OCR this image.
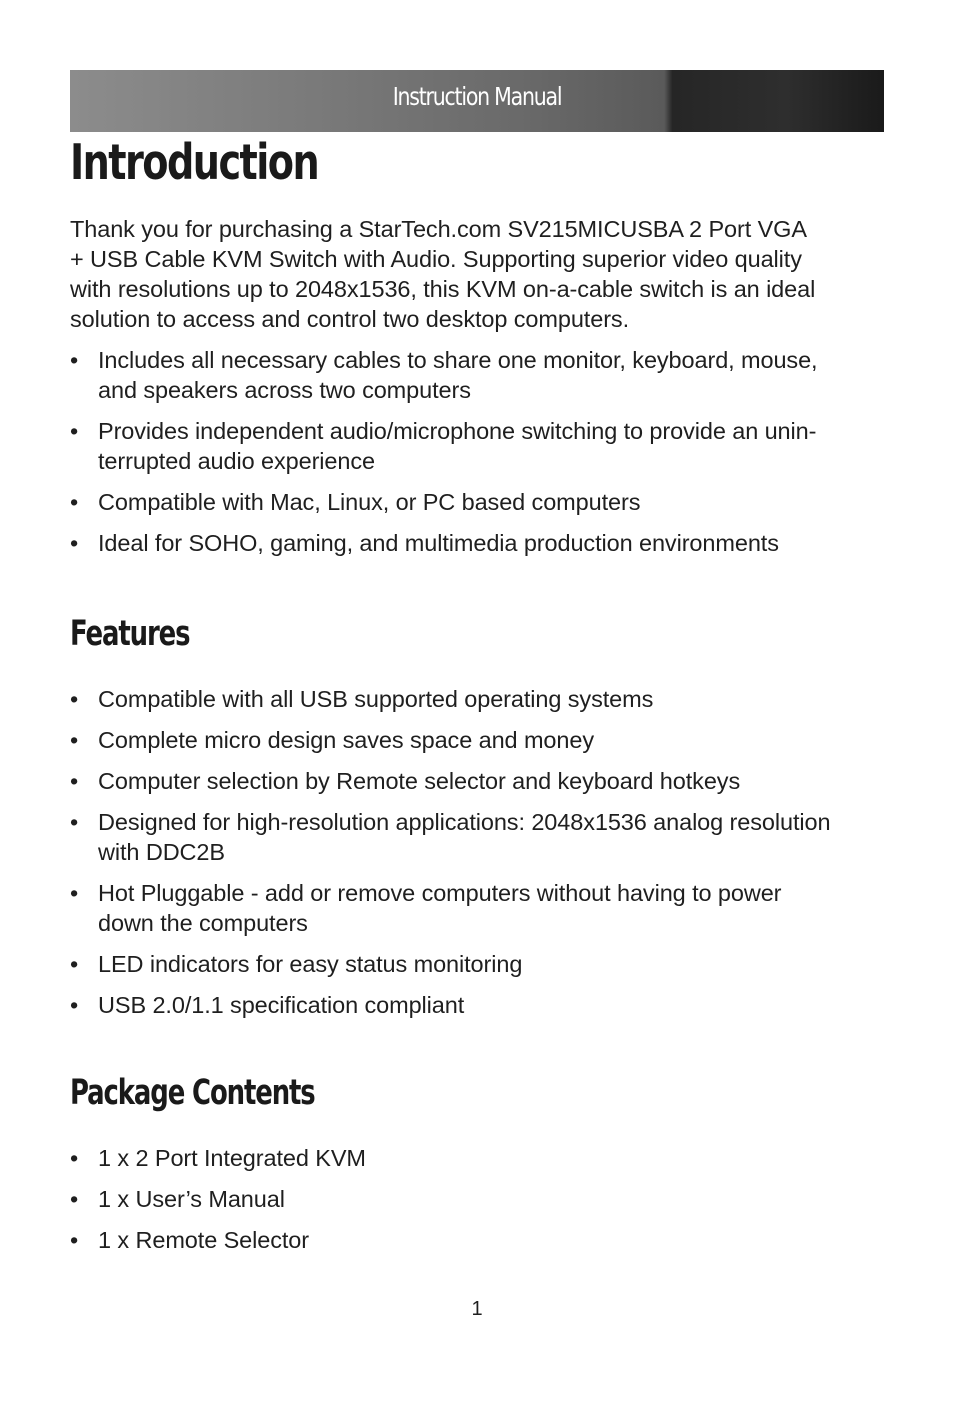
Instruction Manual
Introduction

Thank you for purchasing a StarTech.com SV215MICUSBA 2 Port VGA
+ USB Cable KVM Switch with Audio. Supporting superior video quality
with resolutions up to 2048x1536, this KVM on-a-cable switch is an ideal
solution to access and control two desktop computers.

• Includes all necessary cables to share one monitor, keyboard, mouse,
and speakers across two computers
• Provides independent audio/microphone switching to provide an unin-
terrupted audio experience
• Compatible with Mac, Linux, or PC based computers
• Ideal for SOHO, gaming, and multimedia production environments
Features
• Compatible with all USB supported operating systems
• Complete micro design saves space and money
• Computer selection by Remote selector and keyboard hotkeys
• Designed for high-resolution applications: 2048x1536 analog resolution
with DDC2B
• Hot Pluggable - add or remove computers without having to power
down the computers
• LED indicators for easy status monitoring
• USB 2.0/1.1 specification compliant
Package Contents
• 1 x 2 Port Integrated KVM
• 1 x User’s Manual
• 1 x Remote Selector
1
